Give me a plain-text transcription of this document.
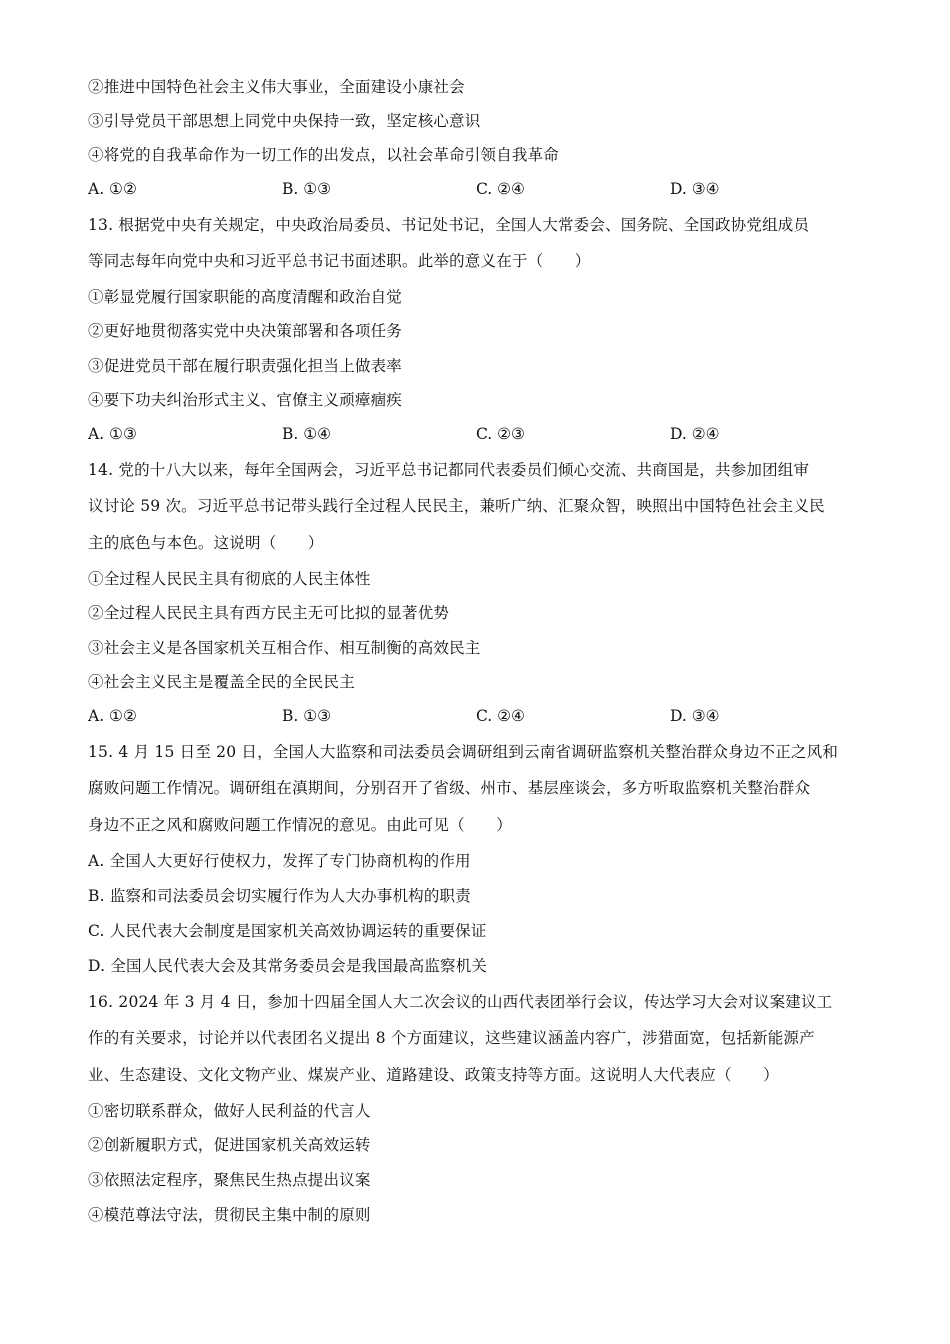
②推进中国特色社会主义伟大事业，全面建设小康社会
③引导党员干部思想上同党中央保持一致，坚定核心意识
④将党的自我革命作为一切工作的出发点，以社会革命引领自我革命
A. ①②	B. ①③	C. ②④	D. ③④
13. 根据党中央有关规定，中央政治局委员、书记处书记，全国人大常委会、国务院、全国政协党组成员
等同志每年向党中央和习近平总书记书面述职。此举的意义在于（　　）
①彰显党履行国家职能的高度清醒和政治自觉
②更好地贯彻落实党中央决策部署和各项任务
③促进党员干部在履行职责强化担当上做表率
④要下功夫纠治形式主义、官僚主义顽瘴痼疾
A. ①③	B. ①④	C. ②③	D. ②④
14. 党的十八大以来，每年全国两会，习近平总书记都同代表委员们倾心交流、共商国是，共参加团组审
议讨论 59 次。习近平总书记带头践行全过程人民民主，兼听广纳、汇聚众智，映照出中国特色社会主义民
主的底色与本色。这说明（　　）
①全过程人民民主具有彻底的人民主体性
②全过程人民民主具有西方民主无可比拟的显著优势
③社会主义是各国家机关互相合作、相互制衡的高效民主
④社会主义民主是覆盖全民的全民民主
A. ①②	B. ①③	C. ②④	D. ③④
15. 4 月 15 日至 20 日，全国人大监察和司法委员会调研组到云南省调研监察机关整治群众身边不正之风和
腐败问题工作情况。调研组在滇期间，分别召开了省级、州市、基层座谈会，多方听取监察机关整治群众
身边不正之风和腐败问题工作情况的意见。由此可见（　　）
A. 全国人大更好行使权力，发挥了专门协商机构的作用
B. 监察和司法委员会切实履行作为人大办事机构的职责
C. 人民代表大会制度是国家机关高效协调运转的重要保证
D. 全国人民代表大会及其常务委员会是我国最高监察机关
16. 2024 年 3 月 4 日，参加十四届全国人大二次会议的山西代表团举行会议，传达学习大会对议案建议工
作的有关要求，讨论并以代表团名义提出 8 个方面建议，这些建议涵盖内容广，涉猎面宽，包括新能源产
业、生态建设、文化文物产业、煤炭产业、道路建设、政策支持等方面。这说明人大代表应（　　）
①密切联系群众，做好人民利益的代言人
②创新履职方式，促进国家机关高效运转
③依照法定程序，聚焦民生热点提出议案
④模范尊法守法，贯彻民主集中制的原则
